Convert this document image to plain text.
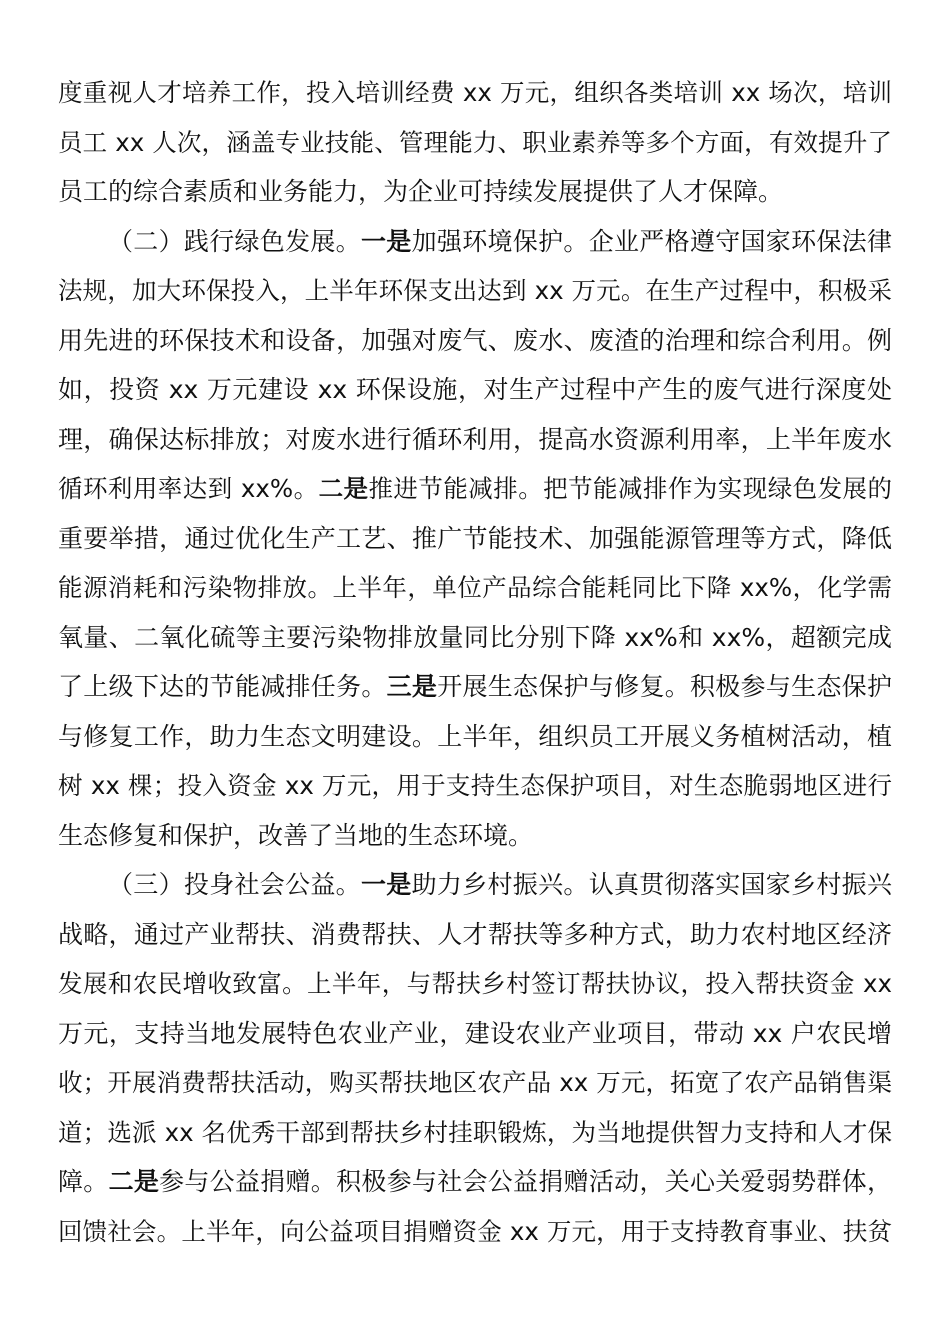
度重视人才培养工作，投入培训经费 xx 万元，组织各类培训 xx 场次，培训
员工 xx 人次，涵盖专业技能、管理能力、职业素养等多个方面，有效提升了
员工的综合素质和业务能力，为企业可持续发展提供了人才保障。
（二）践行绿色发展。一是加强环境保护。企业严格遵守国家环保法律
法规，加大环保投入，上半年环保支出达到 xx 万元。在生产过程中，积极采
用先进的环保技术和设备，加强对废气、废水、废渣的治理和综合利用。例
如，投资 xx 万元建设 xx 环保设施，对生产过程中产生的废气进行深度处
理，确保达标排放；对废水进行循环利用，提高水资源利用率，上半年废水
循环利用率达到 xx%。二是推进节能减排。把节能减排作为实现绿色发展的
重要举措，通过优化生产工艺、推广节能技术、加强能源管理等方式，降低
能源消耗和污染物排放。上半年，单位产品综合能耗同比下降 xx%，化学需
氧量、二氧化硫等主要污染物排放量同比分别下降 xx%和 xx%，超额完成
了上级下达的节能减排任务。三是开展生态保护与修复。积极参与生态保护
与修复工作，助力生态文明建设。上半年，组织员工开展义务植树活动，植
树 xx 棵；投入资金 xx 万元，用于支持生态保护项目，对生态脆弱地区进行
生态修复和保护，改善了当地的生态环境。
（三）投身社会公益。一是助力乡村振兴。认真贯彻落实国家乡村振兴
战略，通过产业帮扶、消费帮扶、人才帮扶等多种方式，助力农村地区经济
发展和农民增收致富。上半年，与帮扶乡村签订帮扶协议，投入帮扶资金 xx
万元，支持当地发展特色农业产业，建设农业产业项目，带动 xx 户农民增
收；开展消费帮扶活动，购买帮扶地区农产品 xx 万元，拓宽了农产品销售渠
道；选派 xx 名优秀干部到帮扶乡村挂职锻炼，为当地提供智力支持和人才保
障。二是参与公益捐赠。积极参与社会公益捐赠活动，关心关爱弱势群体，
回馈社会。上半年，向公益项目捐赠资金 xx 万元，用于支持教育事业、扶贫
